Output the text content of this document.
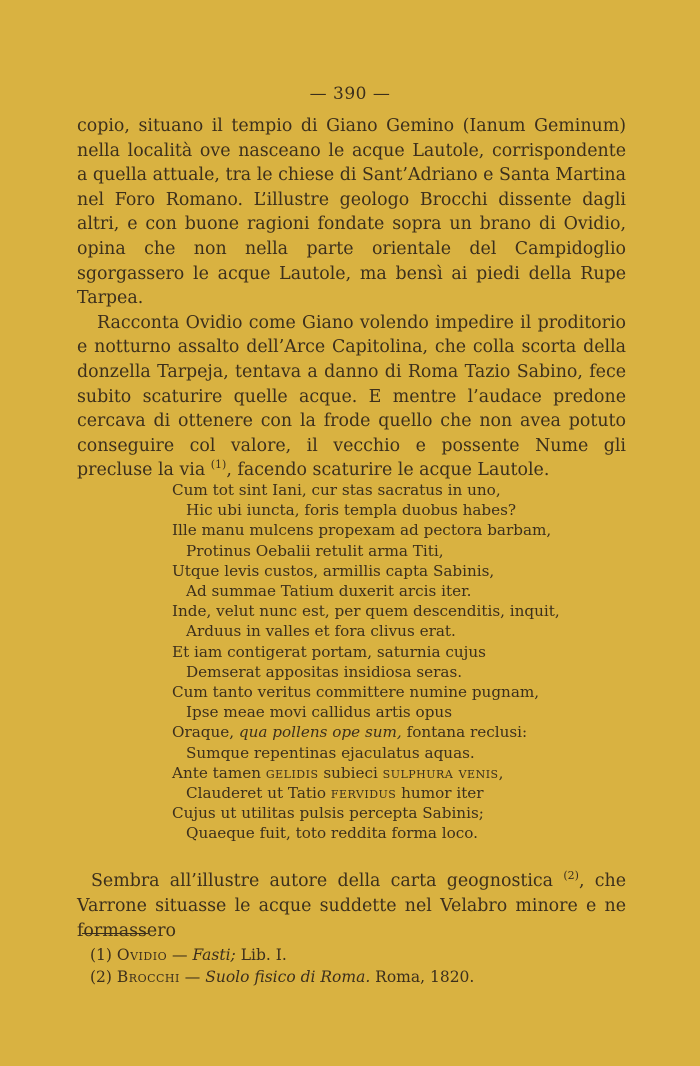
— 390 —

copio, situano il tempio di Giano Gemino (Ianum Geminum) nella località ove nasceano le acque Lautole, corrispondente a quella attuale, tra le chiese di Sant’Adriano e Santa Martina nel Foro Romano. L’illustre geologo Brocchi dissente dagli altri, e con buone ragioni fondate sopra un brano di Ovidio, opina che non nella parte orientale del Campidoglio sgorgassero le acque Lautole, ma bensì ai piedi della Rupe Tarpea.

Racconta Ovidio come Giano volendo impedire il proditorio e notturno assalto dell’Arce Capitolina, che colla scorta della donzella Tarpeja, tentava a danno di Roma Tazio Sabino, fece subito scaturire quelle acque. E mentre l’audace predone cercava di ottenere con la frode quello che non avea potuto conseguire col valore, il vecchio e possente Nume gli precluse la via $^{(1)}$, facendo scaturire le acque Lautole.

Cum tot sint Iani, cur stas sacratus in uno,
Hic ubi iuncta, foris templa duobus habes?
Ille manu mulcens propexam ad pectora barbam,
Protinus Oebalii retulit arma Titi,
Utque levis custos, armillis capta Sabinis,
Ad summae Tatium duxerit arcis iter.
Inde, velut nunc est, per quem descenditis, inquit,
Arduus in valles et fora clivus erat.
Et iam contigerat portam, saturnia cujus
Demserat appositas insidiosa seras.
Cum tanto veritus committere numine pugnam,
Ipse meae movi callidus artis opus
Oraque, qua pollens ope sum, fontana reclusi:
Sumque repentinas ejaculatus aquas.
Ante tamen gelidis subieci sulphura venis,
Clauderet ut Tatio fervidus humor iter
Cujus ut utilitas pulsis percepta Sabinis;
Quaeque fuit, toto reddita forma loco.

Sembra all’illustre autore della carta geognostica $^{(2)}$, che Varrone situasse le acque suddette nel Velabro minore e ne formassero

(1) Ovidio — Fasti; Lib. I.
(2) Brocchi — Suolo fisico di Roma. Roma, 1820.
